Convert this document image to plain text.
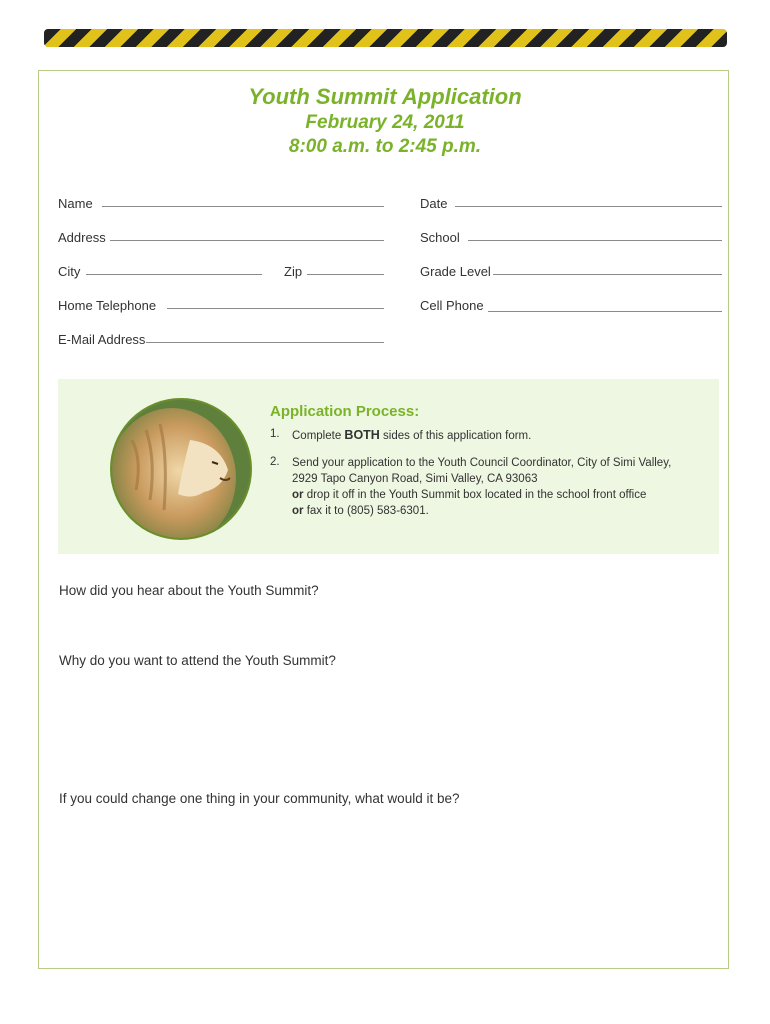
Youth Summit Application
February 24, 2011
8:00 a.m. to 2:45 p.m.
Name
Address
City	Zip
Home Telephone
E-Mail Address
Date
School
Grade Level
Cell Phone
Application Process:
1. Complete BOTH sides of this application form.
2. Send your application to the Youth Council Coordinator, City of Simi Valley,
2929 Tapo Canyon Road, Simi Valley, CA 93063
or drop it off in the Youth Summit box located in the school front office
or fax it to (805) 583-6301.
How did you hear about the Youth Summit?
Why do you want to attend the Youth Summit?
If you could change one thing in your community, what would it be?
